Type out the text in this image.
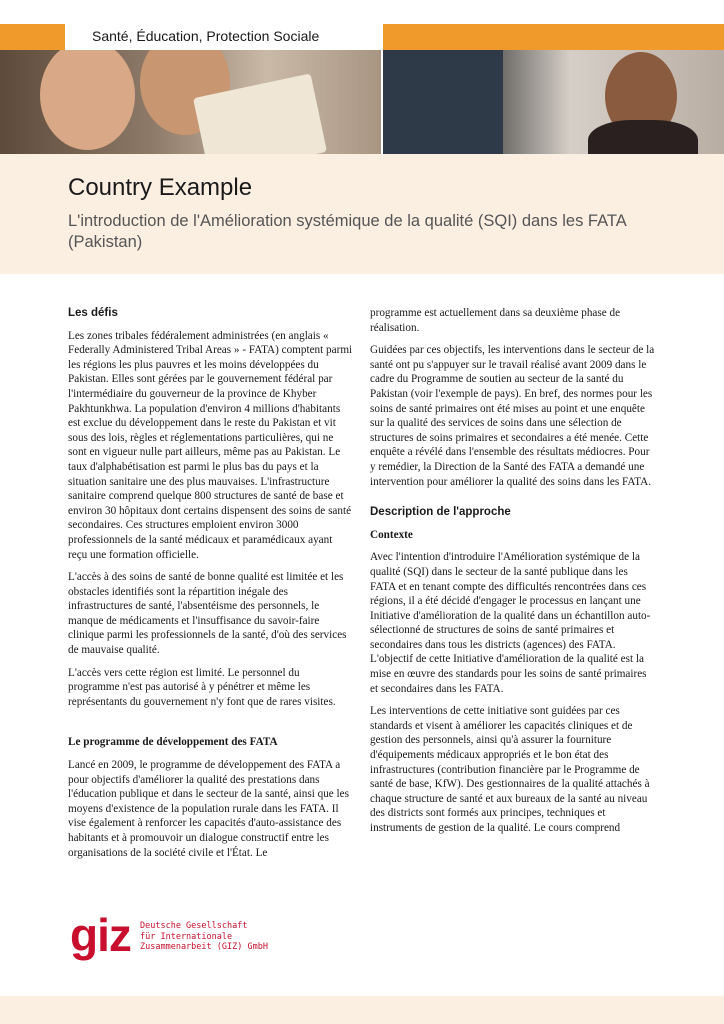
Santé, Éducation, Protection Sociale
Country Example

L'introduction de l'Amélioration systémique de la qualité (SQI) dans les FATA (Pakistan)

Les défis

Les zones tribales fédéralement administrées (en anglais « Federally Administered Tribal Areas » - FATA) comptent parmi les régions les plus pauvres et les moins développées du Pakistan. Elles sont gérées par le gouvernement fédéral par l'intermédiaire du gouverneur de la province de Khyber Pakhtunkhwa. La population d'environ 4 millions d'habitants est exclue du développement dans le reste du Pakistan et vit sous des lois, règles et réglementations particulières, qui ne sont en vigueur nulle part ailleurs, même pas au Pakistan. Le taux d'alphabétisation est parmi le plus bas du pays et la situation sanitaire une des plus mauvaises. L'infrastructure sanitaire comprend quelque 800 structures de santé de base et environ 30 hôpitaux dont certains dispensent des soins de santé secondaires. Ces structures emploient environ 3000 professionnels de la santé médicaux et paramédicaux ayant reçu une formation officielle.

L'accès à des soins de santé de bonne qualité est limitée et les obstacles identifiés sont la répartition inégale des infrastructures de santé, l'absentéisme des personnels, le manque de médicaments et l'insuffisance du savoir-faire clinique parmi les professionnels de la santé, d'où des services de mauvaise qualité.

L'accès vers cette région est limité. Le personnel du programme n'est pas autorisé à y pénétrer et même les représentants du gouvernement n'y font que de rares visites.

Le programme de développement des FATA

Lancé en 2009, le programme de développement des FATA a pour objectifs d'améliorer la qualité des prestations dans l'éducation publique et dans le secteur de la santé, ainsi que les moyens d'existence de la population rurale dans les FATA. Il vise également à renforcer les capacités d'auto-assistance des habitants et à promouvoir un dialogue constructif entre les organisations de la société civile et l'État. Le

programme est actuellement dans sa deuxième phase de réalisation.

Guidées par ces objectifs, les interventions dans le secteur de la santé ont pu s'appuyer sur le travail réalisé avant 2009 dans le cadre du Programme de soutien au secteur de la santé du Pakistan (voir l'exemple de pays). En bref, des normes pour les soins de santé primaires ont été mises au point et une enquête sur la qualité des services de soins dans une sélection de structures de soins primaires et secondaires a été menée. Cette enquête a révélé dans l'ensemble des résultats médiocres. Pour y remédier, la Direction de la Santé des FATA a demandé une intervention pour améliorer la qualité des soins dans les FATA.

Description de l'approche
Contexte

Avec l'intention d'introduire l'Amélioration systémique de la qualité (SQI) dans le secteur de la santé publique dans les FATA et en tenant compte des difficultés rencontrées dans ces régions, il a été décidé d'engager le processus en lançant une Initiative d'amélioration de la qualité dans un échantillon auto-sélectionné de structures de soins de santé primaires et secondaires dans tous les districts (agences) des FATA. L'objectif de cette Initiative d'amélioration de la qualité est la mise en œuvre des standards pour les soins de santé primaires et secondaires dans les FATA.

Les interventions de cette initiative sont guidées par ces standards et visent à améliorer les capacités cliniques et de gestion des personnels, ainsi qu'à assurer la fourniture d'équipements médicaux appropriés et le bon état des infrastructures (contribution financière par le Programme de santé de base, KfW). Des gestionnaires de la qualité attachés à chaque structure de santé et aux bureaux de la santé au niveau des districts sont formés aux principes, techniques et instruments de gestion de la qualité. Le cours comprend

giz Deutsche Gesellschaft
für Internationale
Zusammenarbeit (GIZ) GmbH
